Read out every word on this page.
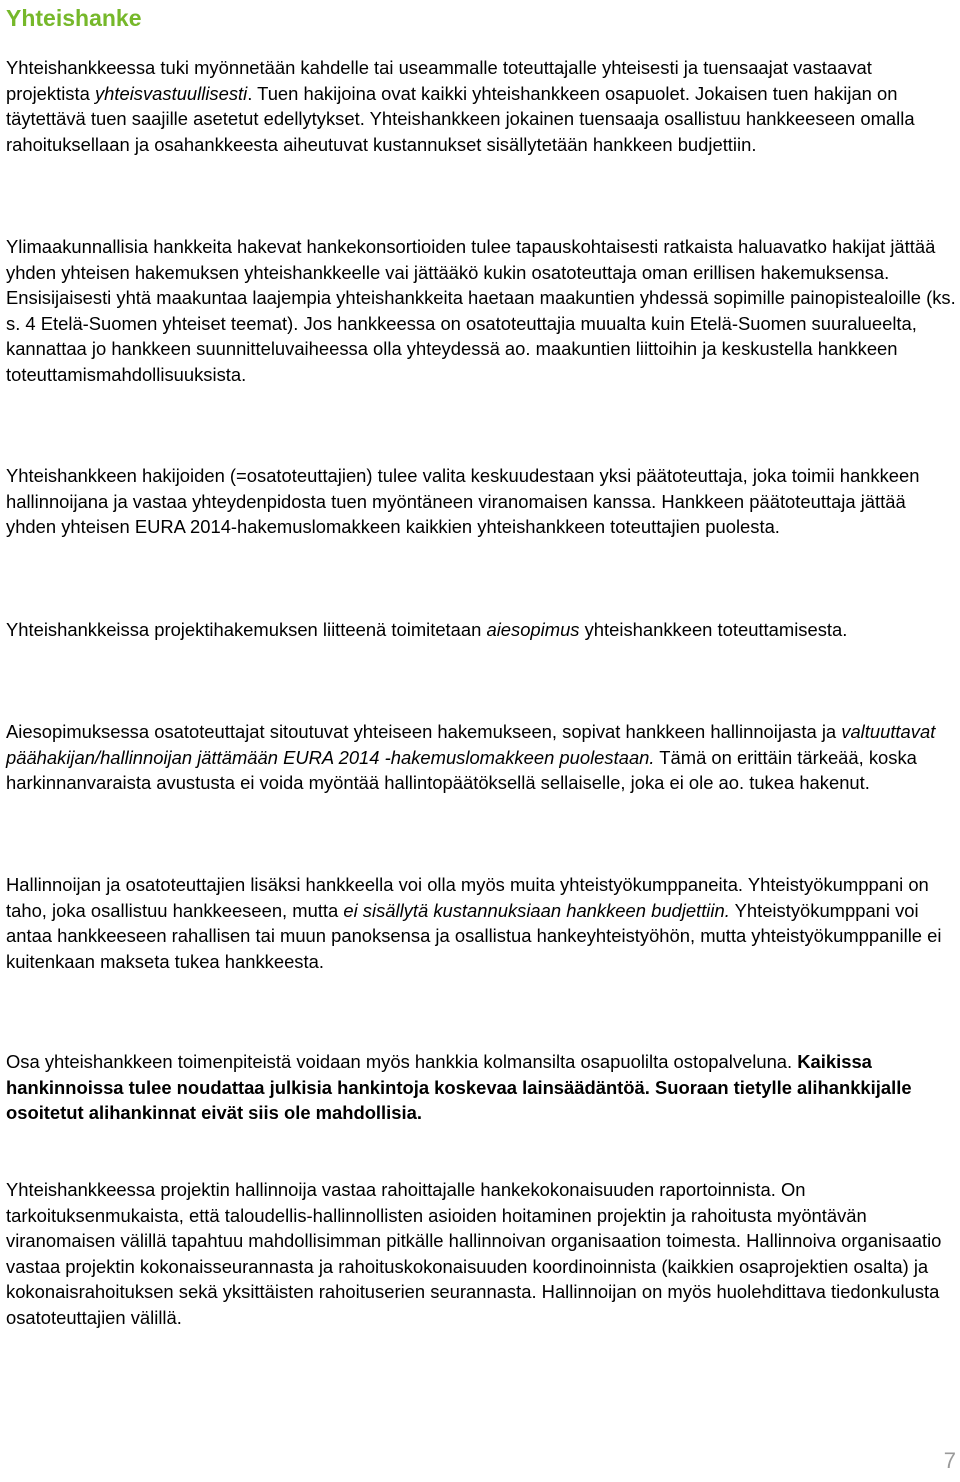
Yhteishanke

Yhteishankkeessa tuki myönnetään kahdelle tai useammalle toteuttajalle yhteisesti ja tuensaajat vastaavat projektista yhteisvastuullisesti. Tuen hakijoina ovat kaikki yhteishankkeen osapuolet. Jokaisen tuen hakijan on täytettävä tuen saajille asetetut edellytykset. Yhteishankkeen jokainen tuensaaja osallistuu hankkeeseen omalla rahoituksellaan ja osahankkeesta aiheutuvat kustannukset sisällytetään hankkeen budjettiin.

Ylimaakunnallisia hankkeita hakevat hankekonsortioiden tulee tapauskohtaisesti ratkaista haluavatko hakijat jättää yhden yhteisen hakemuksen yhteishankkeelle vai jättääkö kukin osatoteuttaja oman erillisen hakemuksensa. Ensisijaisesti yhtä maakuntaa laajempia yhteishankkeita haetaan maakuntien yhdessä sopimille painopistealoille (ks. s. 4 Etelä-Suomen yhteiset teemat). Jos hankkeessa on osatoteuttajia muualta kuin Etelä-Suomen suuralueelta, kannattaa jo hankkeen suunnitteluvaiheessa olla yhteydessä ao. maakuntien liittoihin ja keskustella hankkeen toteuttamismahdollisuuksista.

Yhteishankkeen hakijoiden (=osatoteuttajien) tulee valita keskuudestaan yksi päätoteuttaja, joka toimii hankkeen hallinnoijana ja vastaa yhteydenpidosta tuen myöntäneen viranomaisen kanssa. Hankkeen päätoteuttaja jättää yhden yhteisen EURA 2014-hakemuslomakkeen kaikkien yhteishankkeen toteuttajien puolesta.

Yhteishankkeissa projektihakemuksen liitteenä toimitetaan aiesopimus yhteishankkeen toteuttamisesta.

Aiesopimuksessa osatoteuttajat sitoutuvat yhteiseen hakemukseen, sopivat hankkeen hallinnoijasta ja valtuuttavat päähakijan/hallinnoijan jättämään EURA 2014 -hakemuslomakkeen puolestaan. Tämä on erittäin tärkeää, koska harkinnanvaraista avustusta ei voida myöntää hallintopäätöksellä sellaiselle, joka ei ole ao. tukea hakenut.

Hallinnoijan ja osatoteuttajien lisäksi hankkeella voi olla myös muita yhteistyökumppaneita. Yhteistyökumppani on taho, joka osallistuu hankkeeseen, mutta ei sisällytä kustannuksiaan hankkeen budjettiin. Yhteistyökumppani voi antaa hankkeeseen rahallisen tai muun panoksensa ja osallistua hankeyhteistyöhön, mutta yhteistyökumppanille ei kuitenkaan makseta tukea hankkeesta.

Osa yhteishankkeen toimenpiteistä voidaan myös hankkia kolmansilta osapuolilta ostopalveluna. Kaikissa hankinnoissa tulee noudattaa julkisia hankintoja koskevaa lainsäädäntöä. Suoraan tietylle alihankkijalle osoitetut alihankinnat eivät siis ole mahdollisia.

Yhteishankkeessa projektin hallinnoija vastaa rahoittajalle hankekokonaisuuden raportoinnista. On tarkoituksenmukaista, että taloudellis-hallinnollisten asioiden hoitaminen projektin ja rahoitusta myöntävän viranomaisen välillä tapahtuu mahdollisimman pitkälle hallinnoivan organisaation toimesta. Hallinnoiva organisaatio vastaa projektin kokonaisseurannasta ja rahoituskokonaisuuden koordinoinnista (kaikkien osaprojektien osalta) ja kokonaisrahoituksen sekä yksittäisten rahoituserien seurannasta. Hallinnoijan on myös huolehdittava tiedonkulusta osatoteuttajien välillä.

7
